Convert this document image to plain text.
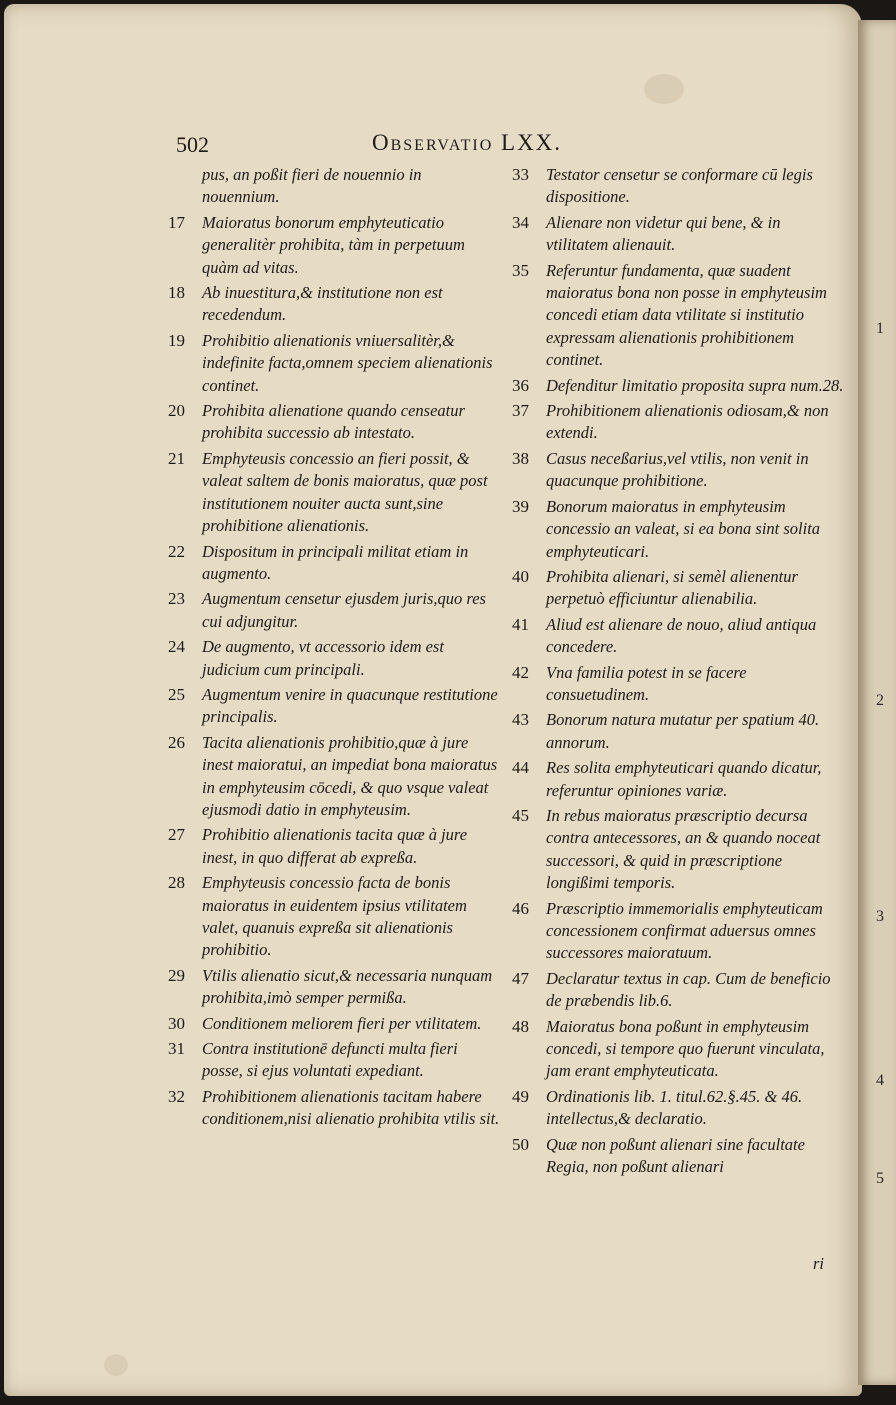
502	Observatio LXX.
pus, an poßit fieri de nouennio in nouennium.
17 Maioratus bonorum emphyteuticatio generalitèr prohibita, tàm in perpetuum quàm ad vitas.
18 Ab inuestitura,& institutione non est recedendum.
19 Prohibitio alienationis vniuersalitèr,& indefinite facta,omnem speciem alienationis continet.
20 Prohibita alienatione quando censeatur prohibita successio ab intestato.
21 Emphyteusis concessio an fieri possit, & valeat saltem de bonis maioratus, quæ post institutionem nouiter aucta sunt,sine prohibitione alienationis.
22 Dispositum in principali militat etiam in augmento.
23 Augmentum censetur ejusdem juris,quo res cui adjungitur.
24 De augmento, vt accessorio idem est judicium cum principali.
25 Augmentum venire in quacunque restitutione principalis.
26 Tacita alienationis prohibitio,quæ à jure inest maioratui, an impediat bona maioratus in emphyteusim cōcedi, & quo vsque valeat ejusmodi datio in emphyteusim.
27 Prohibitio alienationis tacita quæ à jure inest, in quo differat ab expreßa.
28 Emphyteusis concessio facta de bonis maioratus in euidentem ipsius vtilitatem valet, quanuis expreßa sit alienationis prohibitio.
29 Vtilis alienatio sicut,& necessaria nunquam prohibita,imò semper permißa.
30 Conditionem meliorem fieri per vtilitatem.
31 Contra institutionē defuncti multa fieri posse, si ejus voluntati expediant.
32 Prohibitionem alienationis tacitam habere conditionem,nisi alienatio prohibita vtilis sit.
33 Testator censetur se conformare cū legis dispositione.
34 Alienare non videtur qui bene, & in vtilitatem alienauit.
35 Referuntur fundamenta, quæ suadent maioratus bona non posse in emphyteusim concedi etiam data vtilitate si institutio expressam alienationis prohibitionem continet.
36 Defenditur limitatio proposita supra num.28.
37 Prohibitionem alienationis odiosam,& non extendi.
38 Casus neceßarius,vel vtilis, non venit in quacunque prohibitione.
39 Bonorum maioratus in emphyteusim concessio an valeat, si ea bona sint solita emphyteuticari.
40 Prohibita alienari, si semèl alienentur perpetuò efficiuntur alienabilia.
41 Aliud est alienare de nouo, aliud antiqua concedere.
42 Vna familia potest in se facere consuetudinem.
43 Bonorum natura mutatur per spatium 40. annorum.
44 Res solita emphyteuticari quando dicatur, referuntur opiniones variæ.
45 In rebus maioratus præscriptio decursa contra antecessores, an & quando noceat successori, & quid in præscriptione longißimi temporis.
46 Præscriptio immemorialis emphyteuticam concessionem confirmat aduersus omnes successores maioratuum.
47 Declaratur textus in cap. Cum de beneficio de præbendis lib.6.
48 Maioratus bona poßunt in emphyteusim concedi, si tempore quo fuerunt vinculata, jam erant emphyteuticata.
49 Ordinationis lib. 1. titul.62.§.45. & 46. intellectus,& declaratio.
50 Quæ non poßunt alienari sine facultate Regia, non poßunt alienari
ri
1
2
3
4
5
